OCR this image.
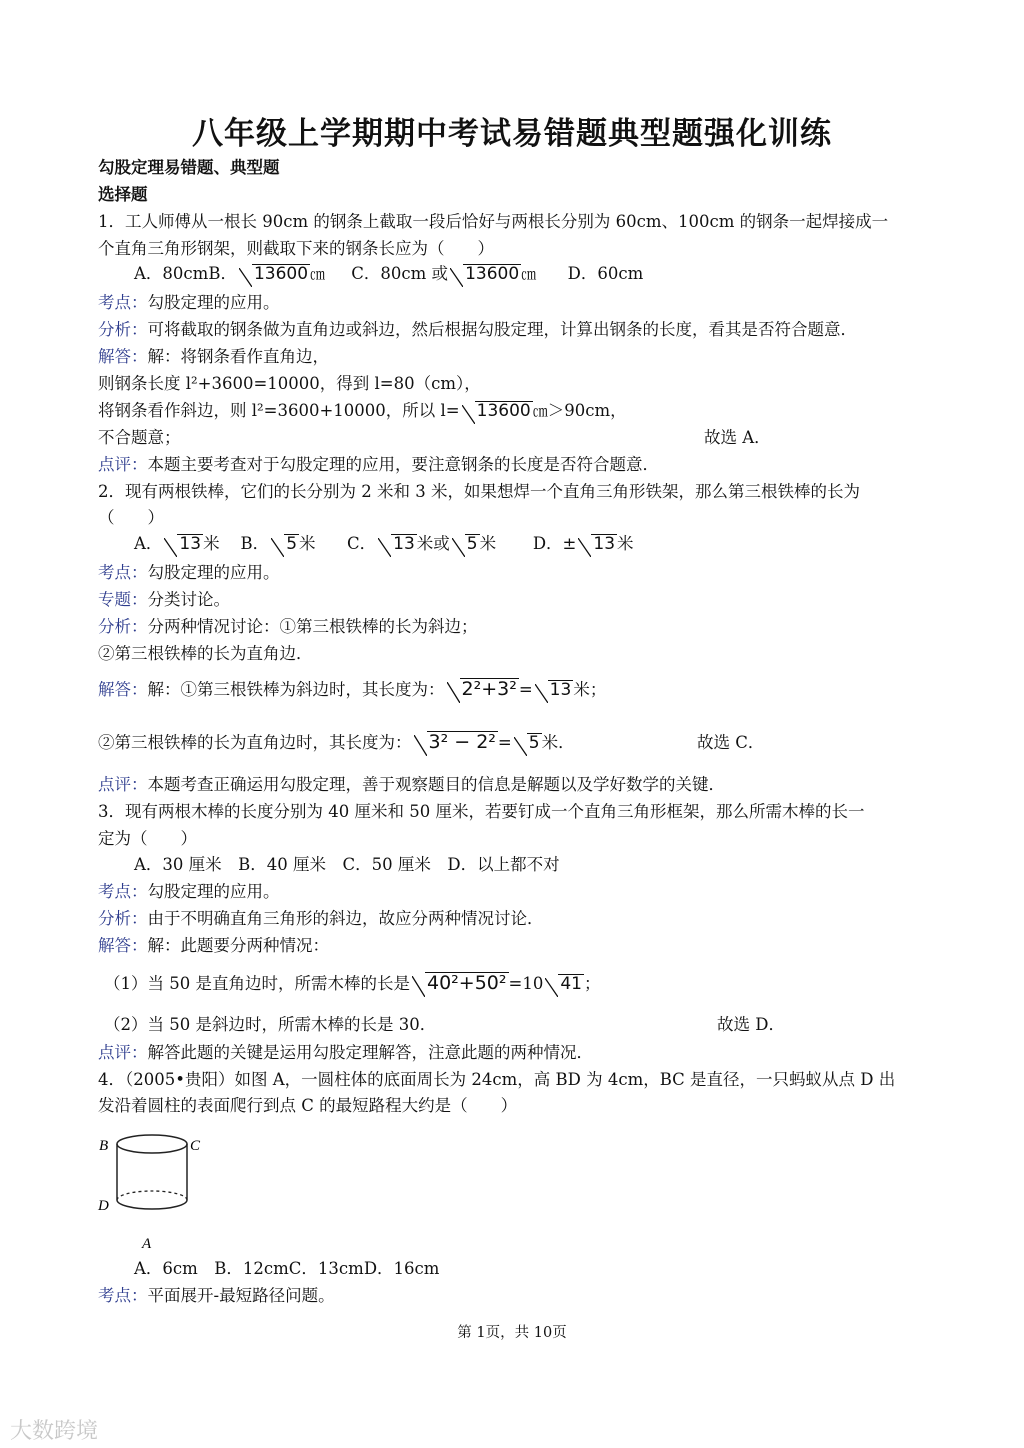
八年级上学期期中考试易错题典型题强化训练
勾股定理易错题、典型题
选择题
1．工人师傅从一根长 90cm 的钢条上截取一段后恰好与两根长分别为 60cm、100cm 的钢条一起焊接成一
个直角三角形钢架，则截取下来的钢条长应为（　　）
A．80cmB． 13600 ㎝ C．80cm 或 13600 ㎝ D．60cm
考点：勾股定理的应用。
分析：可将截取的钢条做为直角边或斜边，然后根据勾股定理，计算出钢条的长度，看其是否符合题意．
解答：解：将钢条看作直角边，
则钢条长度 l²+3600=10000，得到 l=80（cm），
将钢条看作斜边，则 l²=3600+10000，所以 l= 13600 ㎝＞90cm，
不合题意；	故选 A．
点评：本题主要考查对于勾股定理的应用，要注意钢条的长度是否符合题意．
2．现有两根铁棒，它们的长分别为 2 米和 3 米，如果想焊一个直角三角形铁架，那么第三根铁棒的长为
（　　）
A． 13 米 B． 5 米 C． 13 米或 5 米 D．± 13 米
考点：勾股定理的应用。
专题：分类讨论。
分析：分两种情况讨论：①第三根铁棒的长为斜边；
②第三根铁棒的长为直角边．
解答：解：①第三根铁棒为斜边时，其长度为： 2²+3² = 13 米；
②第三根铁棒的长为直角边时，其长度为： 3² − 2² = 5 米．	故选 C．
点评：本题考查正确运用勾股定理，善于观察题目的信息是解题以及学好数学的关键．
3．现有两根木棒的长度分别为 40 厘米和 50 厘米，若要钉成一个直角三角形框架，那么所需木棒的长一
定为（　　）
A．30 厘米　B．40 厘米　C．50 厘米　D．以上都不对
考点：勾股定理的应用。
分析：由于不明确直角三角形的斜边，故应分两种情况讨论．
解答：解：此题要分两种情况：
（1）当 50 是直角边时，所需木棒的长是 40²+50² =10 41 ；
（2）当 50 是斜边时，所需木棒的长是 30．	故选 D．
点评：解答此题的关键是运用勾股定理解答，注意此题的两种情况．
4．（2005•贵阳）如图 A，一圆柱体的底面周长为 24cm，高 BD 为 4cm，BC 是直径，一只蚂蚁从点 D 出
发沿着圆柱的表面爬行到点 C 的最短路程大约是（　　）
B	C
D
A
A．6cm　B．12cmC．13cmD．16cm
考点：平面展开-最短路径问题。
第 1页，共 10页
大数跨境
